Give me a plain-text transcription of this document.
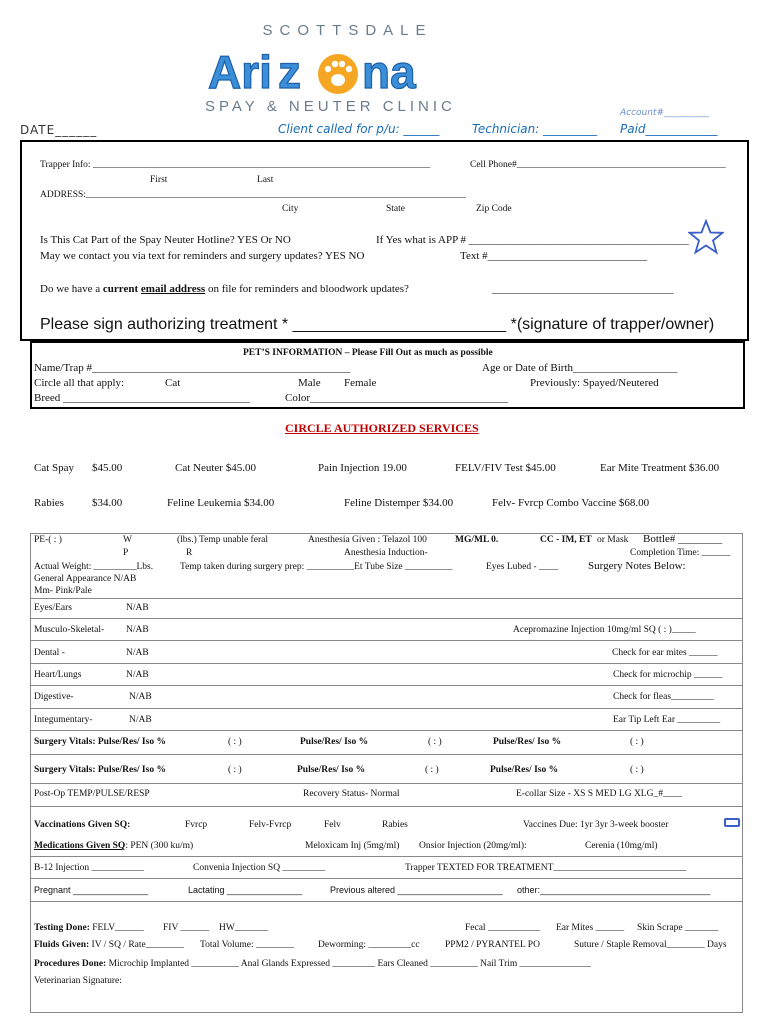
SCOTTSDALE
Ari z na
SPAY & NEUTER CLINIC	Account#__________
DATE______	Client called for p/u: ______	Technician: _________ Paid____________
Trapper Info: _______________________________________________________________________	Cell Phone#____________________________________________
First	Last
ADDRESS:________________________________________________________________________________
City	State	Zip Code
Is This Cat Part of the Spay Neuter Hotline? YES Or NO	If Yes what is APP # ________________________________________
May we contact you via text for reminders and surgery updates? YES NO	Text #_____________________________
Do we have a current email address on file for reminders and bloodwork updates?	_________________________________
Please sign authorizing treatment * ________________________ *(signature of trapper/owner)
PET’S INFORMATION – Please Fill Out as much as possible
Name/Trap #_______________________________________________	Age or Date of Birth___________________
Circle all that apply:	Cat	Male Female	Previously: Spayed/Neutered
Breed __________________________________	Color____________________________________
CIRCLE AUTHORIZED SERVICES
Cat Spay $45.00	Cat Neuter $45.00	Pain Injection 19.00	FELV/FIV Test $45.00	Ear Mite Treatment $36.00
Rabies	$34.00	Feline Leukemia $34.00	Feline Distemper $34.00	Felv- Fvrcp Combo Vaccine $68.00
PE-( : )	W	(lbs.) Temp unable feral	Anesthesia Given : Telazol 100	MG/ML 0.	CC - IM, ET or Mask Bottle# ________
P	R	Anesthesia Induction-	Completion Time: ______
Actual Weight: _________Lbs.	Temp taken during surgery prep: __________Et Tube Size __________	Eyes Lubed - ____	Surgery Notes Below:
General Appearance N/AB
Mm- Pink/Pale
Eyes/Ears	N/AB
Musculo-Skeletal- N/AB	Acepromazine Injection 10mg/ml SQ ( : )_____
Dental -	N/AB	Check for ear mites ______
Heart/Lungs	N/AB	Check for microchip ______
Digestive-	N/AB	Check for fleas_________
Integumentary-	N/AB	Ear Tip Left Ear _________
Surgery Vitals: Pulse/Res/ Iso %	( : )	Pulse/Res/ Iso %	( : )	Pulse/Res/ Iso %	( : )
Surgery Vitals: Pulse/Res/ Iso %	( : )	Pulse/Res/ Iso %	( : )	Pulse/Res/ Iso %	( : )
Post-Op TEMP/PULSE/RESP	Recovery Status- Normal	E-collar Size - XS S MED LG XLG_#____
Vaccinations Given SQ:	Fvrcp	Felv-Fvrcp	Felv	Rabies	Vaccines Due: 1yr 3yr 3-week booster
Medications Given SQ: PEN (300 ku/m)	Meloxicam Inj (5mg/ml) Onsior Injection (20mg/ml):	Cerenia (10mg/ml)
B-12 Injection ___________	Convenia Injection SQ _________	Trapper TEXTED FOR TREATMENT____________________________
Pregnant _______________	Lactating _______________	Previous altered _____________________ other:__________________________________
Testing Done: FELV______ FIV ______ HW_______	Fecal ___________ Ear Mites ______ Skin Scrape _______
Fluids Given: IV / SQ / Rate________ Total Volume: ________	Deworming: _________cc	PPM2 / PYRANTEL PO	Suture / Staple Removal________ Days
Procedures Done: Microchip Implanted __________ Anal Glands Expressed _________ Ears Cleaned __________ Nail Trim _______________
Veterinarian Signature:
